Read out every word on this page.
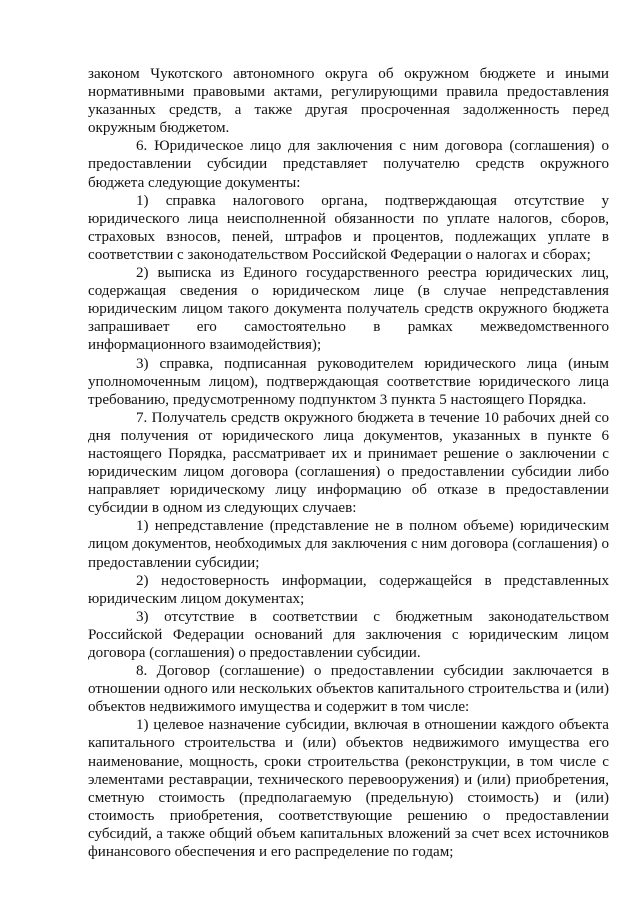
законом Чукотского автономного округа об окружном бюджете и иными нормативными правовыми актами, регулирующими правила предоставления указанных средств, а также другая просроченная задолженность перед окружным бюджетом.

6. Юридическое лицо для заключения с ним договора (соглашения) о предоставлении субсидии представляет получателю средств окружного бюджета следующие документы:

1) справка налогового органа, подтверждающая отсутствие у юридического лица неисполненной обязанности по уплате налогов, сборов, страховых взносов, пеней, штрафов и процентов, подлежащих уплате в соответствии с законодательством Российской Федерации о налогах и сборах;

2) выписка из Единого государственного реестра юридических лиц, содержащая сведения о юридическом лице (в случае непредставления юридическим лицом такого документа получатель средств окружного бюджета запрашивает его самостоятельно в рамках межведомственного информационного взаимодействия);

3) справка, подписанная руководителем юридического лица (иным уполномоченным лицом), подтверждающая соответствие юридического лица требованию, предусмотренному подпунктом 3 пункта 5 настоящего Порядка.

7. Получатель средств окружного бюджета в течение 10 рабочих дней со дня получения от юридического лица документов, указанных в пункте 6 настоящего Порядка, рассматривает их и принимает решение о заключении с юридическим лицом договора (соглашения) о предоставлении субсидии либо направляет юридическому лицу информацию об отказе в предоставлении субсидии в одном из следующих случаев:

1) непредставление (представление не в полном объеме) юридическим лицом документов, необходимых для заключения с ним договора (соглашения) о предоставлении субсидии;

2) недостоверность информации, содержащейся в представленных юридическим лицом документах;

3) отсутствие в соответствии с бюджетным законодательством Российской Федерации оснований для заключения с юридическим лицом договора (соглашения) о предоставлении субсидии.

8. Договор (соглашение) о предоставлении субсидии заключается в отношении одного или нескольких объектов капитального строительства и (или) объектов недвижимого имущества и содержит в том числе:

1) целевое назначение субсидии, включая в отношении каждого объекта капитального строительства и (или) объектов недвижимого имущества его наименование, мощность, сроки строительства (реконструкции, в том числе с элементами реставрации, технического перевооружения) и (или) приобретения, сметную стоимость (предполагаемую (предельную) стоимость) и (или) стоимость приобретения, соответствующие решению о предоставлении субсидий, а также общий объем капитальных вложений за счет всех источников финансового обеспечения и его распределение по годам;
